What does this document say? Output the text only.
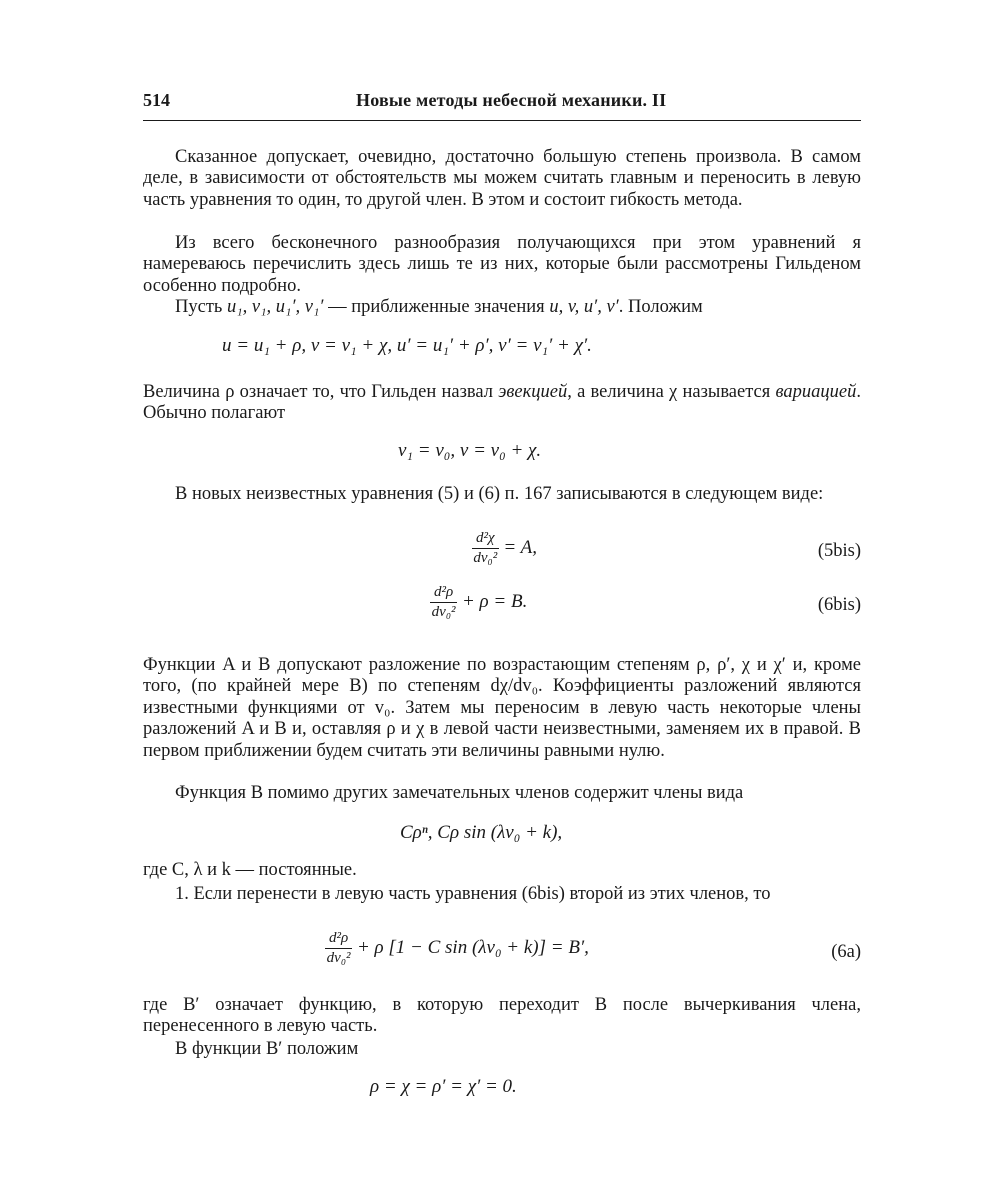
514	Новые методы небесной механики. II

Сказанное допускает, очевидно, достаточно большую степень произвола. В самом деле, в зависимости от обстоятельств мы можем считать главным и переносить в левую часть уравнения то один, то другой член. В этом и состоит гибкость метода.

Из всего бесконечного разнообразия получающихся при этом уравнений я намереваюсь перечислить здесь лишь те из них, которые были рассмотрены Гильденом особенно подробно.

Пусть u₁, v₁, u₁′, v₁′ — приближенные значения u, v, u′, v′. Положим

u = u₁ + ρ, v = v₁ + χ, u′ = u₁′ + ρ′, v′ = v₁′ + χ′.

Величина ρ означает то, что Гильден назвал эвекцией, а величина χ называется вариацией. Обычно полагают

v₁ = v₀, v = v₀ + χ.

В новых неизвестных уравнения (5) и (6) п. 167 записываются в следующем виде:

$\frac{\text{d²χ}}{\text{dv₀²}} = A$,	(5bis)
$\frac{\text{d²ρ}}{\text{dv₀²}} + \rho = B$.	(6bis)

Функции A и B допускают разложение по возрастающим степеням ρ, ρ′, χ и χ′ и, кроме того, (по крайней мере B) по степеням dχ/dv₀. Коэффициенты разложений являются известными функциями от v₀. Затем мы переносим в левую часть некоторые члены разложений A и B и, оставляя ρ и χ в левой части неизвестными, заменяем их в правой. В первом приближении будем считать эти величины равными нулю.

Функция B помимо других замечательных членов содержит члены вида

Cρⁿ, Cρ sin (λv₀ + k),

где C, λ и k — постоянные.

1. Если перенести в левую часть уравнения (6bis) второй из этих членов, то

$\frac{\text{d²ρ}}{\text{dv₀²}} + \rho$ [1 − C sin (λv₀ + k)] = B′,	(6a)

где B′ означает функцию, в которую переходит B после вычеркивания члена, перенесенного в левую часть.

В функции B′ положим

ρ = χ = ρ′ = χ′ = 0.
